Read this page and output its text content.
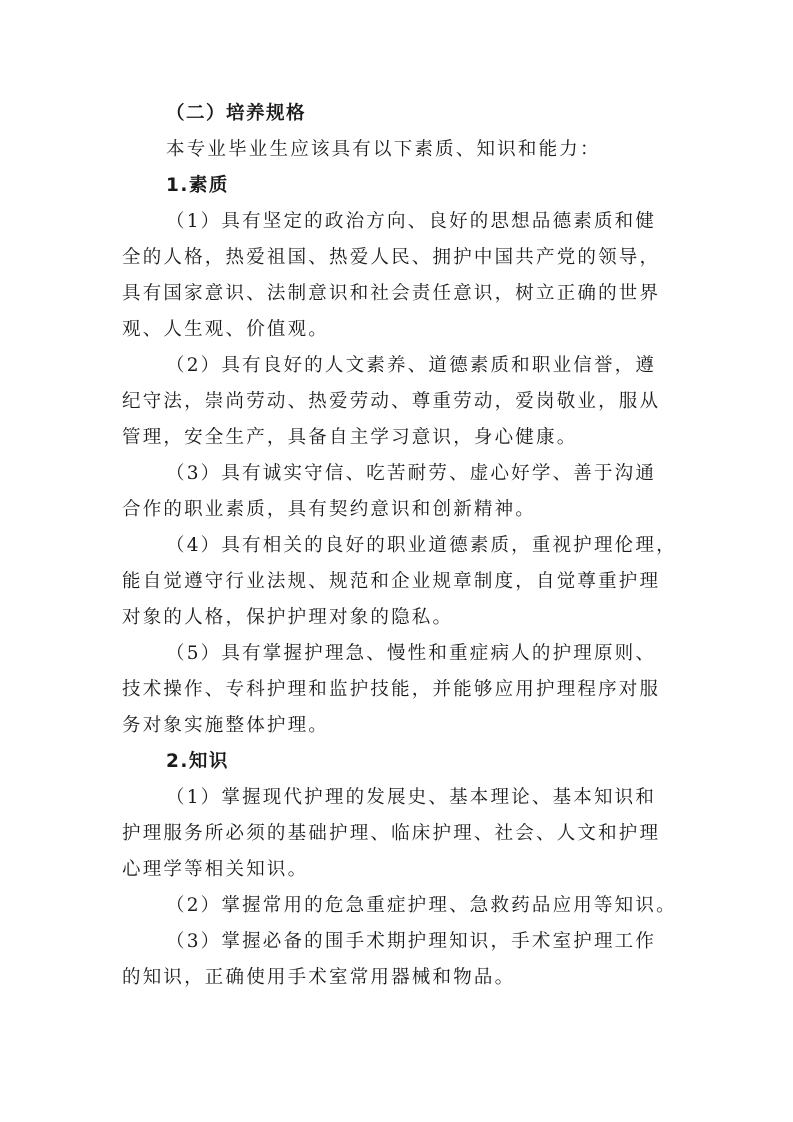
（二）培养规格
本专业毕业生应该具有以下素质、知识和能力：
1.素质
（1）具有坚定的政治方向、良好的思想品德素质和健
全的人格，热爱祖国、热爱人民、拥护中国共产党的领导，
具有国家意识、法制意识和社会责任意识，树立正确的世界
观、人生观、价值观。
（2）具有良好的人文素养、道德素质和职业信誉，遵
纪守法，崇尚劳动、热爱劳动、尊重劳动，爱岗敬业，服从
管理，安全生产，具备自主学习意识，身心健康。
（3）具有诚实守信、吃苦耐劳、虚心好学、善于沟通
合作的职业素质，具有契约意识和创新精神。
（4）具有相关的良好的职业道德素质，重视护理伦理，
能自觉遵守行业法规、规范和企业规章制度，自觉尊重护理
对象的人格，保护护理对象的隐私。
（5）具有掌握护理急、慢性和重症病人的护理原则、
技术操作、专科护理和监护技能，并能够应用护理程序对服
务对象实施整体护理。
2.知识
（1）掌握现代护理的发展史、基本理论、基本知识和
护理服务所必须的基础护理、临床护理、社会、人文和护理
心理学等相关知识。
（2）掌握常用的危急重症护理、急救药品应用等知识。
（3）掌握必备的围手术期护理知识，手术室护理工作
的知识，正确使用手术室常用器械和物品。
